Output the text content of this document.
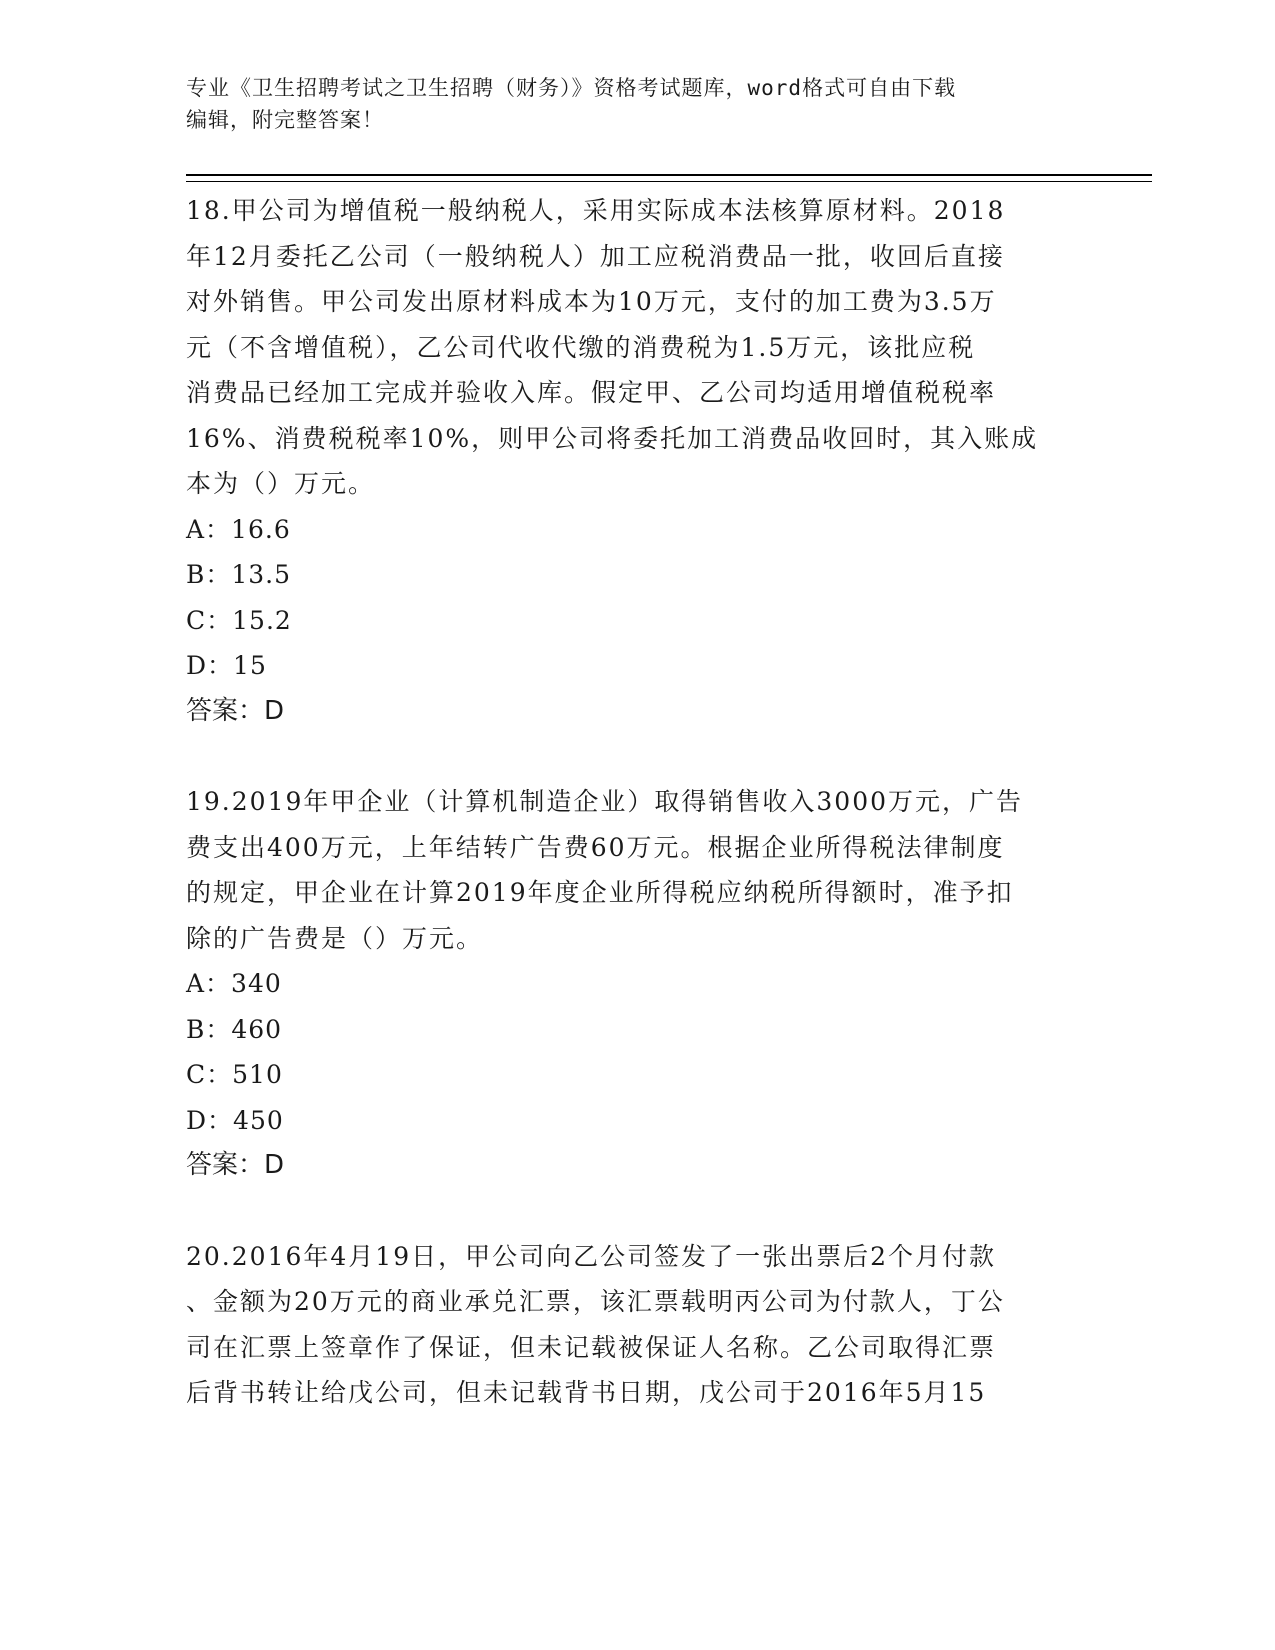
专业《卫生招聘考试之卫生招聘（财务）》资格考试题库，word格式可自由下载
编辑，附完整答案！

18.甲公司为增值税一般纳税人，采用实际成本法核算原材料。2018

年12月委托乙公司（一般纳税人）加工应税消费品一批，收回后直接

对外销售。甲公司发出原材料成本为10万元，支付的加工费为3.5万

元（不含增值税），乙公司代收代缴的消费税为1.5万元，该批应税

消费品已经加工完成并验收入库。假定甲、乙公司均适用增值税税率

16%、消费税税率10%，则甲公司将委托加工消费品收回时，其入账成

本为（）万元。

A：16.6

B：13.5

C：15.2

D：15

答案：D

19.2019年甲企业（计算机制造企业）取得销售收入3000万元，广告

费支出400万元，上年结转广告费60万元。根据企业所得税法律制度

的规定，甲企业在计算2019年度企业所得税应纳税所得额时，准予扣

除的广告费是（）万元。

A：340

B：460

C：510

D：450

答案：D

20.2016年4月19日，甲公司向乙公司签发了一张出票后2个月付款

、金额为20万元的商业承兑汇票，该汇票载明丙公司为付款人，丁公

司在汇票上签章作了保证，但未记载被保证人名称。乙公司取得汇票

后背书转让给戊公司，但未记载背书日期，戊公司于2016年5月15
